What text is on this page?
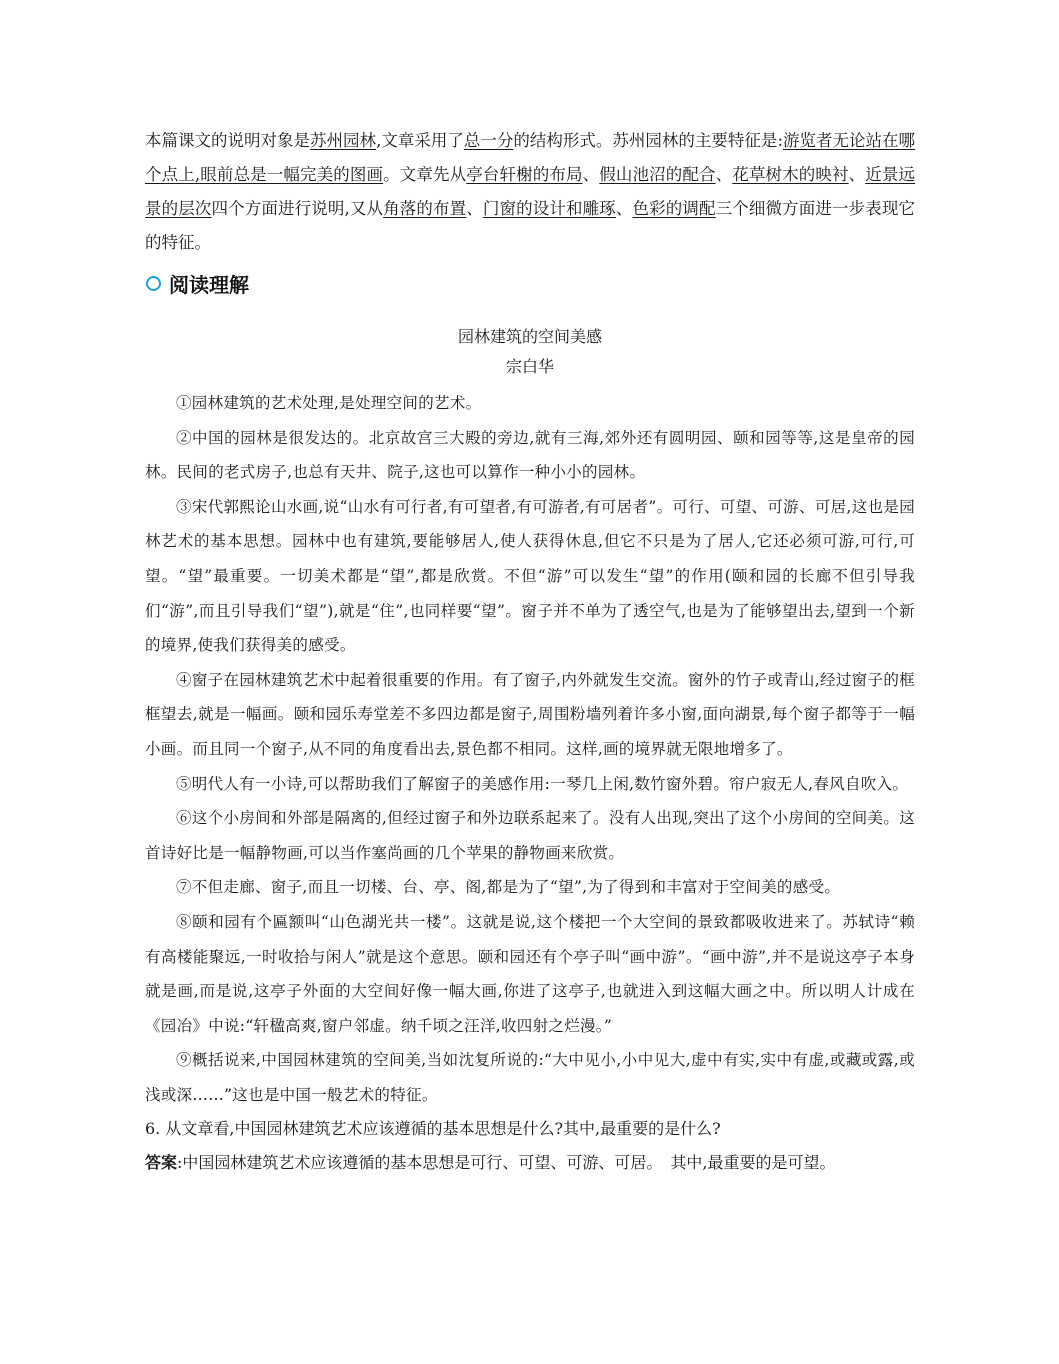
本篇课文的说明对象是苏州园林,文章采用了总一分的结构形式。苏州园林的主要特征是:游览者无论站在哪个点上,眼前总是一幅完美的图画。文章先从亭台轩榭的布局、假山池沼的配合、花草树木的映衬、近景远景的层次四个方面进行说明,又从角落的布置、门窗的设计和雕琢、色彩的调配三个细微方面进一步表现它的特征。

阅读理解
园林建筑的空间美感
宗白华

①园林建筑的艺术处理,是处理空间的艺术。

②中国的园林是很发达的。北京故宫三大殿的旁边,就有三海,郊外还有圆明园、颐和园等等,这是皇帝的园林。民间的老式房子,也总有天井、院子,这也可以算作一种小小的园林。

③宋代郭熙论山水画,说“山水有可行者,有可望者,有可游者,有可居者”。可行、可望、可游、可居,这也是园林艺术的基本思想。园林中也有建筑,要能够居人,使人获得休息,但它不只是为了居人,它还必须可游,可行,可望。“望”最重要。一切美术都是“望”,都是欣赏。不但“游”可以发生“望”的作用(颐和园的长廊不但引导我们“游”,而且引导我们“望”),就是“住”,也同样要“望”。窗子并不单为了透空气,也是为了能够望出去,望到一个新的境界,使我们获得美的感受。

④窗子在园林建筑艺术中起着很重要的作用。有了窗子,内外就发生交流。窗外的竹子或青山,经过窗子的框框望去,就是一幅画。颐和园乐寿堂差不多四边都是窗子,周围粉墙列着许多小窗,面向湖景,每个窗子都等于一幅小画。而且同一个窗子,从不同的角度看出去,景色都不相同。这样,画的境界就无限地增多了。

⑤明代人有一小诗,可以帮助我们了解窗子的美感作用:一琴几上闲,数竹窗外碧。帘户寂无人,春风自吹入。

⑥这个小房间和外部是隔离的,但经过窗子和外边联系起来了。没有人出现,突出了这个小房间的空间美。这首诗好比是一幅静物画,可以当作塞尚画的几个苹果的静物画来欣赏。

⑦不但走廊、窗子,而且一切楼、台、亭、阁,都是为了“望”,为了得到和丰富对于空间美的感受。

⑧颐和园有个匾额叫“山色湖光共一楼”。这就是说,这个楼把一个大空间的景致都吸收进来了。苏轼诗“赖有高楼能聚远,一时收拾与闲人”就是这个意思。颐和园还有个亭子叫“画中游”。“画中游”,并不是说这亭子本身就是画,而是说,这亭子外面的大空间好像一幅大画,你进了这亭子,也就进入到这幅大画之中。所以明人计成在《园冶》中说:“轩楹高爽,窗户邻虚。纳千顷之汪洋,收四射之烂漫。”

⑨概括说来,中国园林建筑的空间美,当如沈复所说的:“大中见小,小中见大,虚中有实,实中有虚,或藏或露,或浅或深……”这也是中国一般艺术的特征。

6. 从文章看,中国园林建筑艺术应该遵循的基本思想是什么?其中,最重要的是什么?

答案:中国园林建筑艺术应该遵循的基本思想是可行、可望、可游、可居。　其中,最重要的是可望。
